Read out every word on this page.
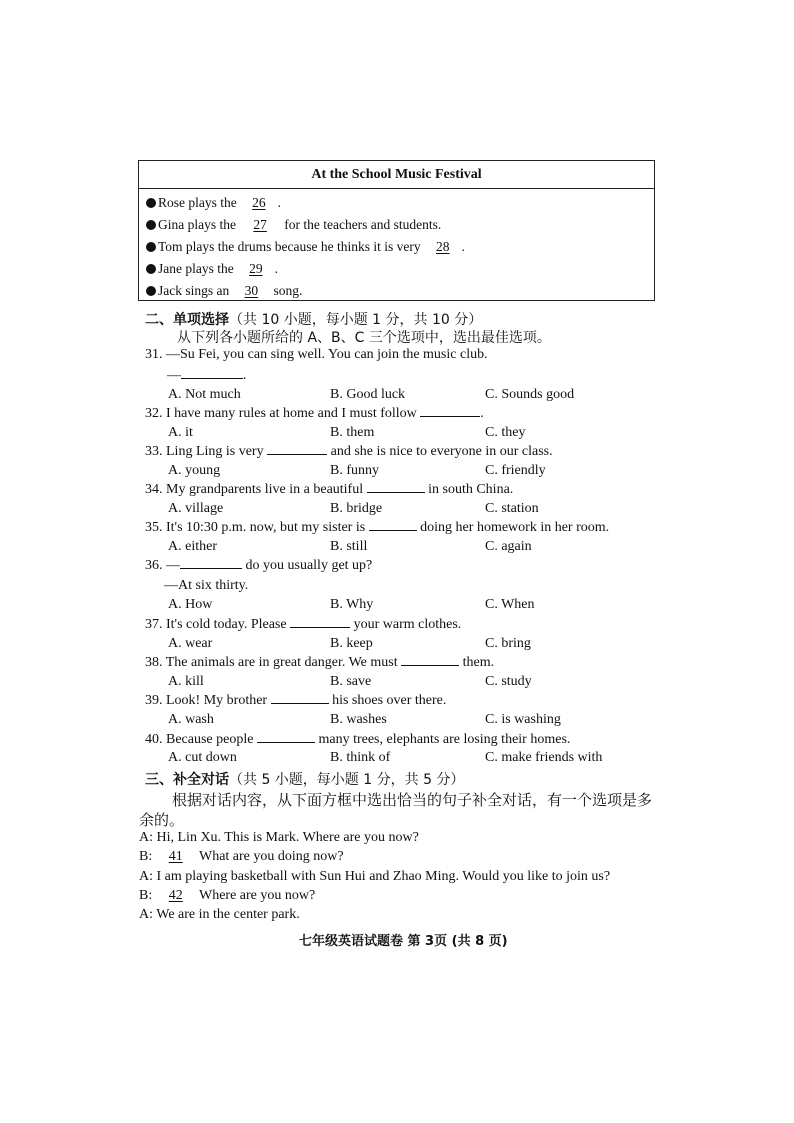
At the School Music Festival
Rose plays the 26 .
Gina plays the 27 for the teachers and students.
Tom plays the drums because he thinks it is very 28 .
Jane plays the 29 .
Jack sings an 30 song.
二、单项选择（共 10 小题，每小题 1 分，共 10 分）
从下列各小题所给的 A、B、C 三个选项中，选出最佳选项。
31. —Su Fei, you can sing well. You can join the music club.
—	.
A. Not much	B. Good luck	C. Sounds good
32. I have many rules at home and I must follow	.
A. it	B. them	C. they
33. Ling Ling is very	and she is nice to everyone in our class.
A. young	B. funny	C. friendly
34. My grandparents live in a beautiful	in south China.
A. village	B. bridge	C. station
35. It's 10:30 p.m. now, but my sister is	doing her homework in her room.
A. either	B. still	C. again
36. —	do you usually get up?
—At six thirty.
A. How	B. Why	C. When
37. It's cold today. Please	your warm clothes.
A. wear	B. keep	C. bring
38. The animals are in great danger. We must	them.
A. kill	B. save	C. study
39. Look! My brother	his shoes over there.
A. wash	B. washes	C. is washing
40. Because people	many trees, elephants are losing their homes.
A. cut down	B. think of	C. make friends with
三、补全对话（共 5 小题，每小题 1 分，共 5 分）
根据对话内容，从下面方框中选出恰当的句子补全对话，有一个选项是多
余的。
A: Hi, Lin Xu. This is Mark. Where are you now?
B: 41 What are you doing now?
A: I am playing basketball with Sun Hui and Zhao Ming. Would you like to join us?
B: 42 Where are you now?
A: We are in the center park.
七年级英语试题卷 第 3页 (共 8 页)
